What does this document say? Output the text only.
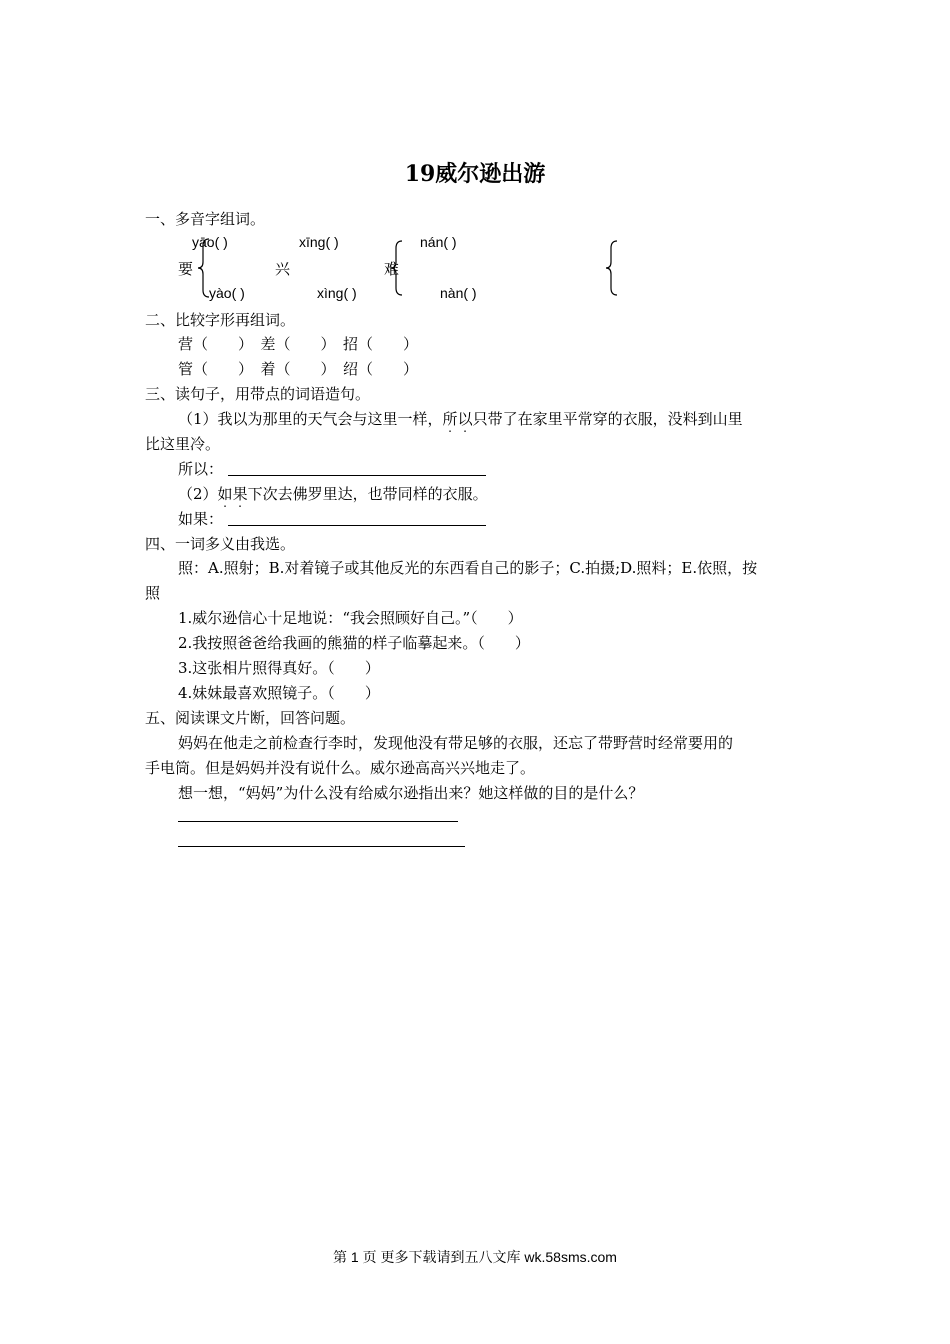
19威尔逊出游
一、多音字组词。
yāo( )	xīng( )	nán( )
要	兴	难
yào( )	xìng( )	nàn( )
二、比较字形再组词。
营（　　）　差（　　）　招（　　）
管（　　）　着（　　）　绍（　　）
三、读句子，用带点的词语造句。
（1）我以为那里的天气会与这里一样，所以只带了在家里平常穿的衣服，没料到山里
比这里冷。
所以：
（2）如果下次去佛罗里达，也带同样的衣服。
如果：
四、一词多义由我选。
照：A.照射；B.对着镜子或其他反光的东西看自己的影子；C.拍摄;D.照料；E.依照，按
照
1.威尔逊信心十足地说：“我会照顾好自己。”（　　）
2.我按照爸爸给我画的熊猫的样子临摹起来。（　　）
3.这张相片照得真好。（　　）
4.妹妹最喜欢照镜子。（　　）
五、阅读课文片断，回答问题。
妈妈在他走之前检查行李时，发现他没有带足够的衣服，还忘了带野营时经常要用的
手电筒。但是妈妈并没有说什么。威尔逊高高兴兴地走了。
想一想，“妈妈”为什么没有给威尔逊指出来？她这样做的目的是什么？
第 1 页 更多下载请到五八文库 wk.58sms.com
